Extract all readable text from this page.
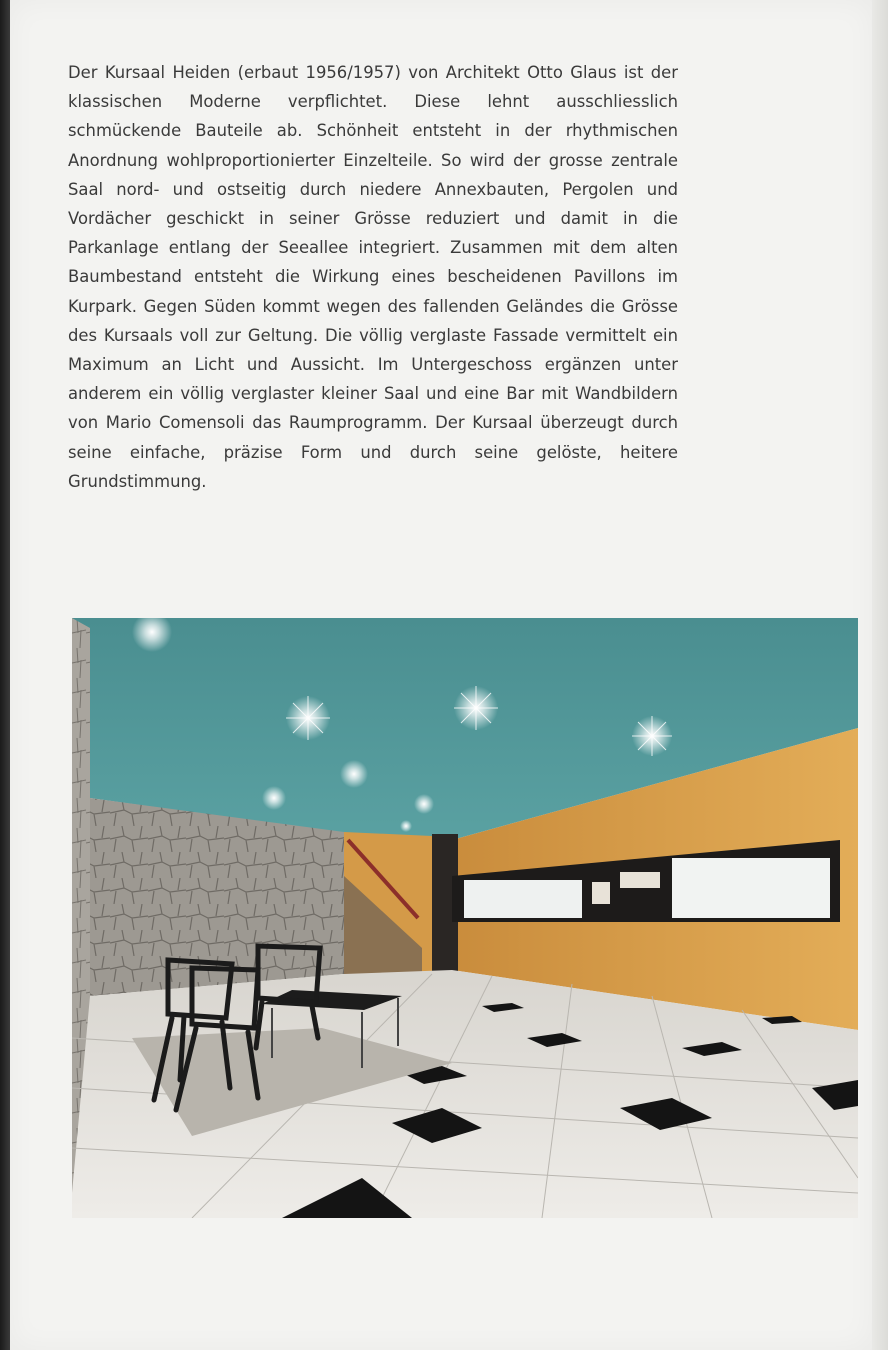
Der Kursaal Heiden (erbaut 1956/1957) von Architekt Otto Glaus ist der klassischen Moderne verpflichtet. Diese lehnt ausschliesslich schmückende Bauteile ab. Schönheit entsteht in der rhythmischen Anordnung wohlproportionierter Einzelteile. So wird der grosse zentrale Saal nord- und ostseitig durch niedere Annexbauten, Pergolen und Vordächer geschickt in seiner Grösse reduziert und damit in die Parkanlage entlang der Seeallee integriert. Zusammen mit dem alten Baumbestand entsteht die Wirkung eines bescheidenen Pavillons im Kurpark. Gegen Süden kommt wegen des fallenden Geländes die Grösse des Kursaals voll zur Geltung. Die völlig verglaste Fassade vermittelt ein Maximum an Licht und Aussicht. Im Untergeschoss ergänzen unter anderem ein völlig verglaster kleiner Saal und eine Bar mit Wandbildern von Mario Comensoli das Raumprogramm. Der Kursaal überzeugt durch seine einfache, präzise Form und durch seine gelöste, heitere Grundstimmung.
